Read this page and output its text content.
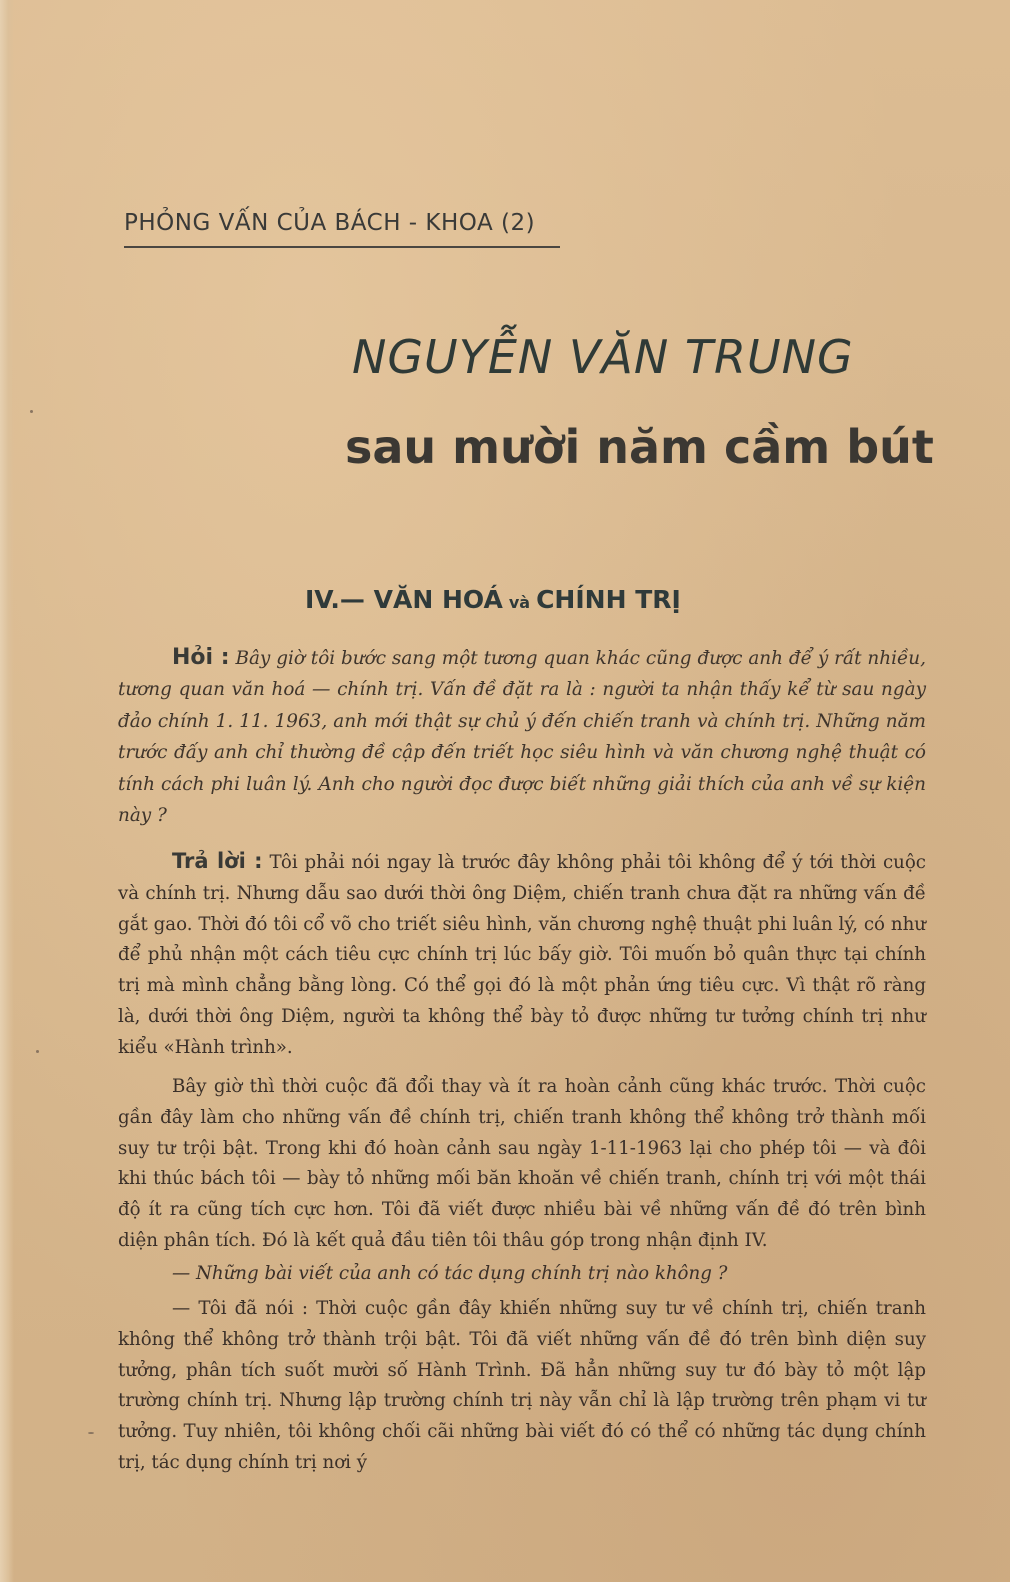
PHỎNG VẤN CỦA BÁCH - KHOA (2)

NGUYỄN VĂN TRUNG
sau mười năm cầm bút
IV.— VĂN HOÁ và CHÍNH TRỊ

Hỏi : Bây giờ tôi bước sang một tương quan khác cũng được anh để ý rất nhiều, tương quan văn hoá — chính trị. Vấn đề đặt ra là : người ta nhận thấy kể từ sau ngày đảo chính 1. 11. 1963, anh mới thật sự chủ ý đến chiến tranh và chính trị. Những năm trước đấy anh chỉ thường đề cập đến triết học siêu hình và văn chương nghệ thuật có tính cách phi luân lý. Anh cho người đọc được biết những giải thích của anh về sự kiện này ?

Trả lời : Tôi phải nói ngay là trước đây không phải tôi không để ý tới thời cuộc và chính trị. Nhưng dẫu sao dưới thời ông Diệm, chiến tranh chưa đặt ra những vấn đề gắt gao. Thời đó tôi cổ võ cho triết siêu hình, văn chương nghệ thuật phi luân lý, có như để phủ nhận một cách tiêu cực chính trị lúc bấy giờ. Tôi muốn bỏ quân thực tại chính trị mà mình chẳng bằng lòng. Có thể gọi đó là một phản ứng tiêu cực. Vì thật rõ ràng là, dưới thời ông Diệm, người ta không thể bày tỏ được những tư tưởng chính trị như kiểu «Hành trình».

Bây giờ thì thời cuộc đã đổi thay và ít ra hoàn cảnh cũng khác trước. Thời cuộc gần đây làm cho những vấn đề chính trị, chiến tranh không thể không trở thành mối suy tư trội bật. Trong khi đó hoàn cảnh sau ngày 1-11-1963 lại cho phép tôi — và đôi khi thúc bách tôi — bày tỏ những mối băn khoăn về chiến tranh, chính trị với một thái độ ít ra cũng tích cực hơn. Tôi đã viết được nhiều bài về những vấn đề đó trên bình diện phân tích. Đó là kết quả đầu tiên tôi thâu góp trong nhận định IV.

— Những bài viết của anh có tác dụng chính trị nào không ?

— Tôi đã nói : Thời cuộc gần đây khiến những suy tư về chính trị, chiến tranh không thể không trở thành trội bật. Tôi đã viết những vấn đề đó trên bình diện suy tưởng, phân tích suốt mười số Hành Trình. Đã hẳn những suy tư đó bày tỏ một lập trường chính trị. Nhưng lập trường chính trị này vẫn chỉ là lập trường trên phạm vi tư tưởng. Tuy nhiên, tôi không chối cãi những bài viết đó có thể có những tác dụng chính trị, tác dụng chính trị nơi ý
